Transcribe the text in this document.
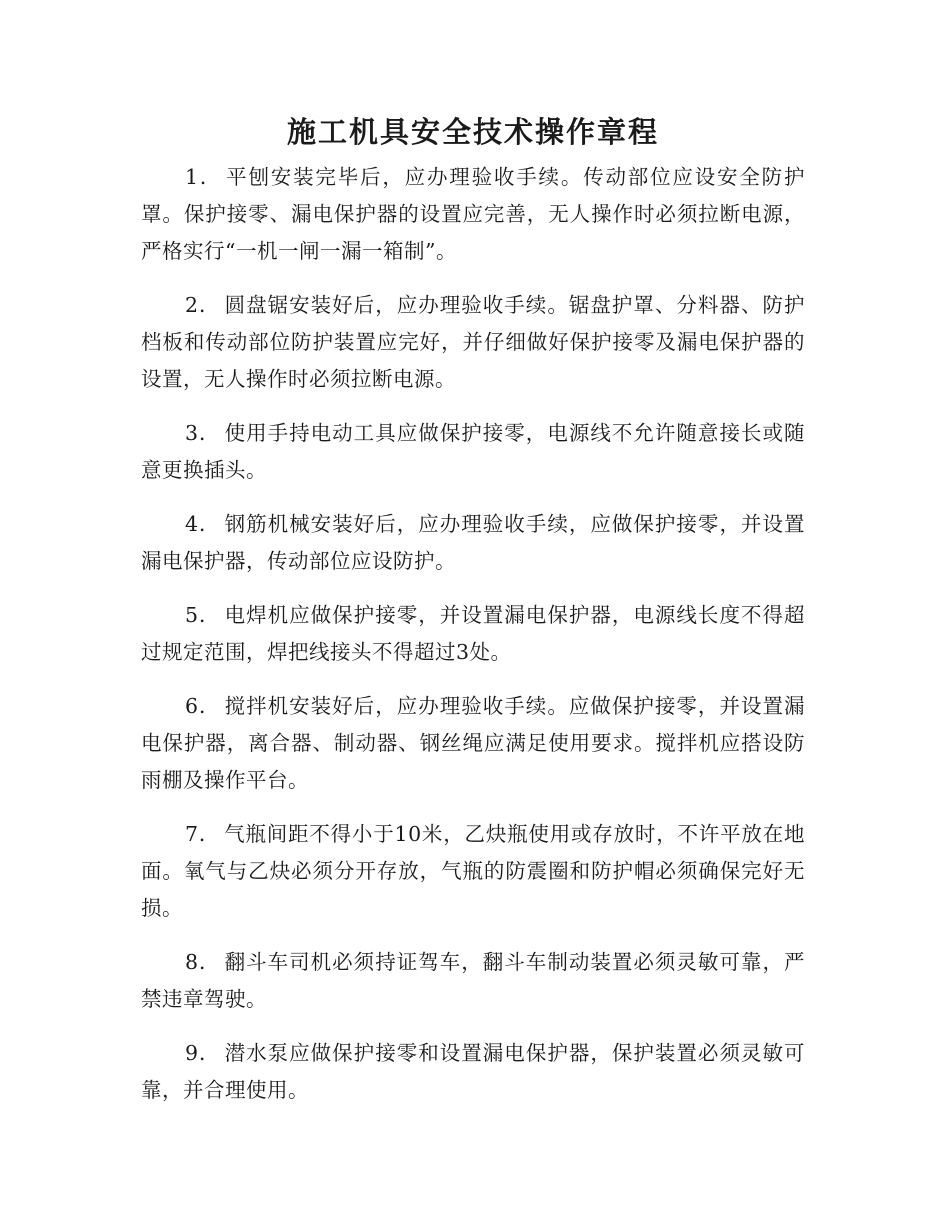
施工机具安全技术操作章程

1． 平刨安装完毕后，应办理验收手续。传动部位应设安全防护罩。保护接零、漏电保护器的设置应完善，无人操作时必须拉断电源，严格实行“一机一闸一漏一箱制”。

2． 圆盘锯安装好后，应办理验收手续。锯盘护罩、分料器、防护档板和传动部位防护装置应完好，并仔细做好保护接零及漏电保护器的设置，无人操作时必须拉断电源。

3． 使用手持电动工具应做保护接零，电源线不允许随意接长或随意更换插头。

4． 钢筋机械安装好后，应办理验收手续，应做保护接零，并设置漏电保护器，传动部位应设防护。

5． 电焊机应做保护接零，并设置漏电保护器，电源线长度不得超过规定范围，焊把线接头不得超过3处。

6． 搅拌机安装好后，应办理验收手续。应做保护接零，并设置漏电保护器，离合器、制动器、钢丝绳应满足使用要求。搅拌机应搭设防雨棚及操作平台。

7． 气瓶间距不得小于10米，乙炔瓶使用或存放时，不许平放在地面。氧气与乙炔必须分开存放，气瓶的防震圈和防护帽必须确保完好无损。

8． 翻斗车司机必须持证驾车，翻斗车制动装置必须灵敏可靠，严禁违章驾驶。

9． 潜水泵应做保护接零和设置漏电保护器，保护装置必须灵敏可靠，并合理使用。
